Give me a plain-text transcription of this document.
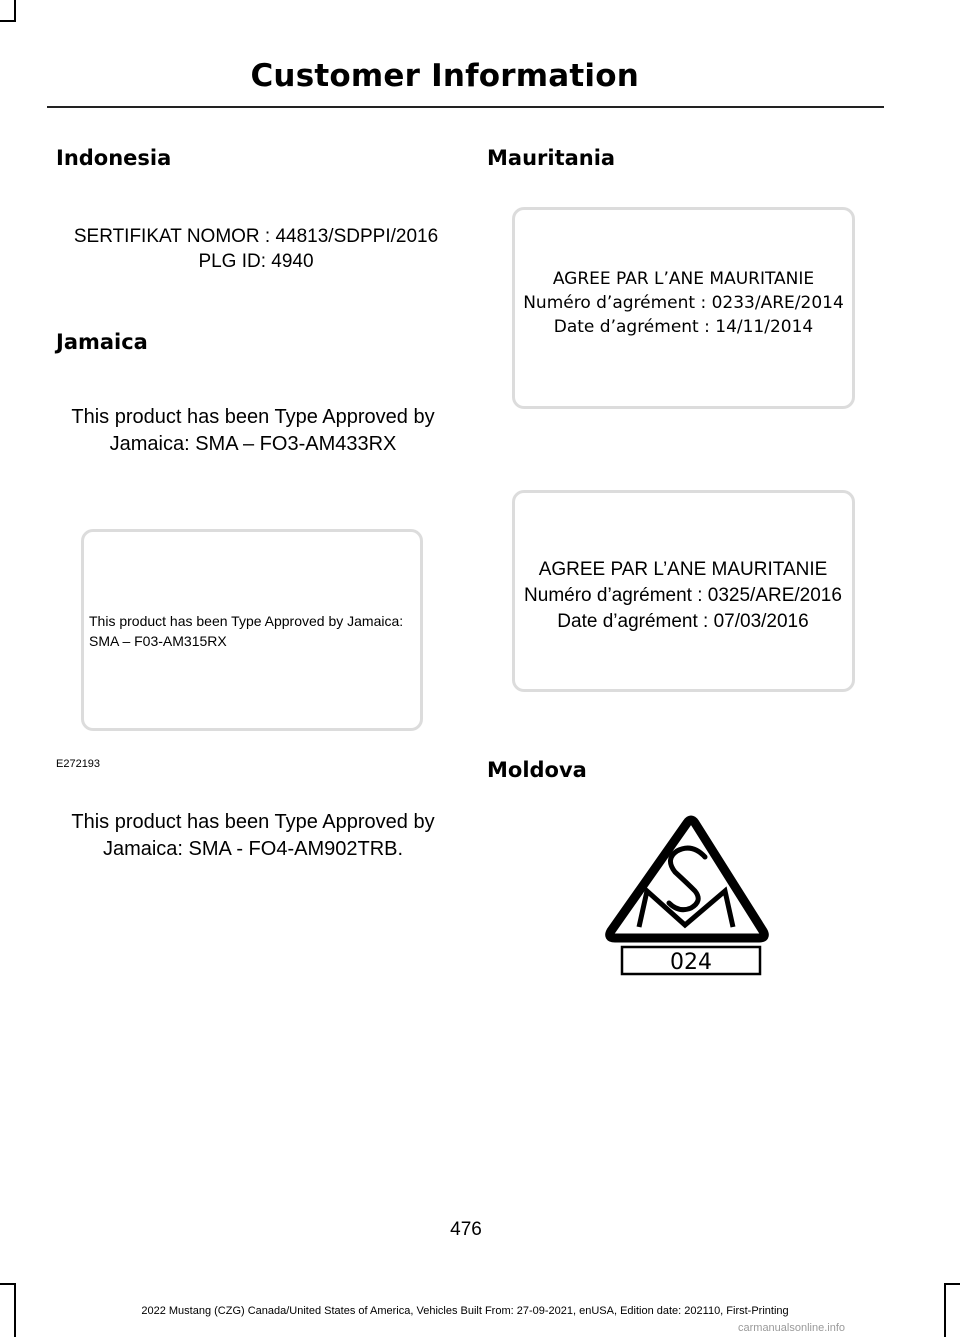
Customer Information
Indonesia
SERTIFIKAT NOMOR : 44813/SDPPI/2016
PLG ID: 4940
Jamaica
This product has been Type Approved by
Jamaica: SMA – FO3-AM433RX
This product has been Type Approved by Jamaica:
SMA – F03-AM315RX
E272193
This product has been Type Approved by
Jamaica: SMA - FO4-AM902TRB.
Mauritania
AGREE PAR L’ANE MAURITANIE
Numéro d’agrément : 0233/ARE/2014
Date d’agrément : 14/11/2014
AGREE PAR L’ANE MAURITANIE
Numéro d’agrément : 0325/ARE/2016
Date d’agrément : 07/03/2016
Moldova
024
476
2022 Mustang (CZG) Canada/United States of America, Vehicles Built From: 27-09-2021, enUSA, Edition date: 202110, First-Printing
carmanualsonline.info
